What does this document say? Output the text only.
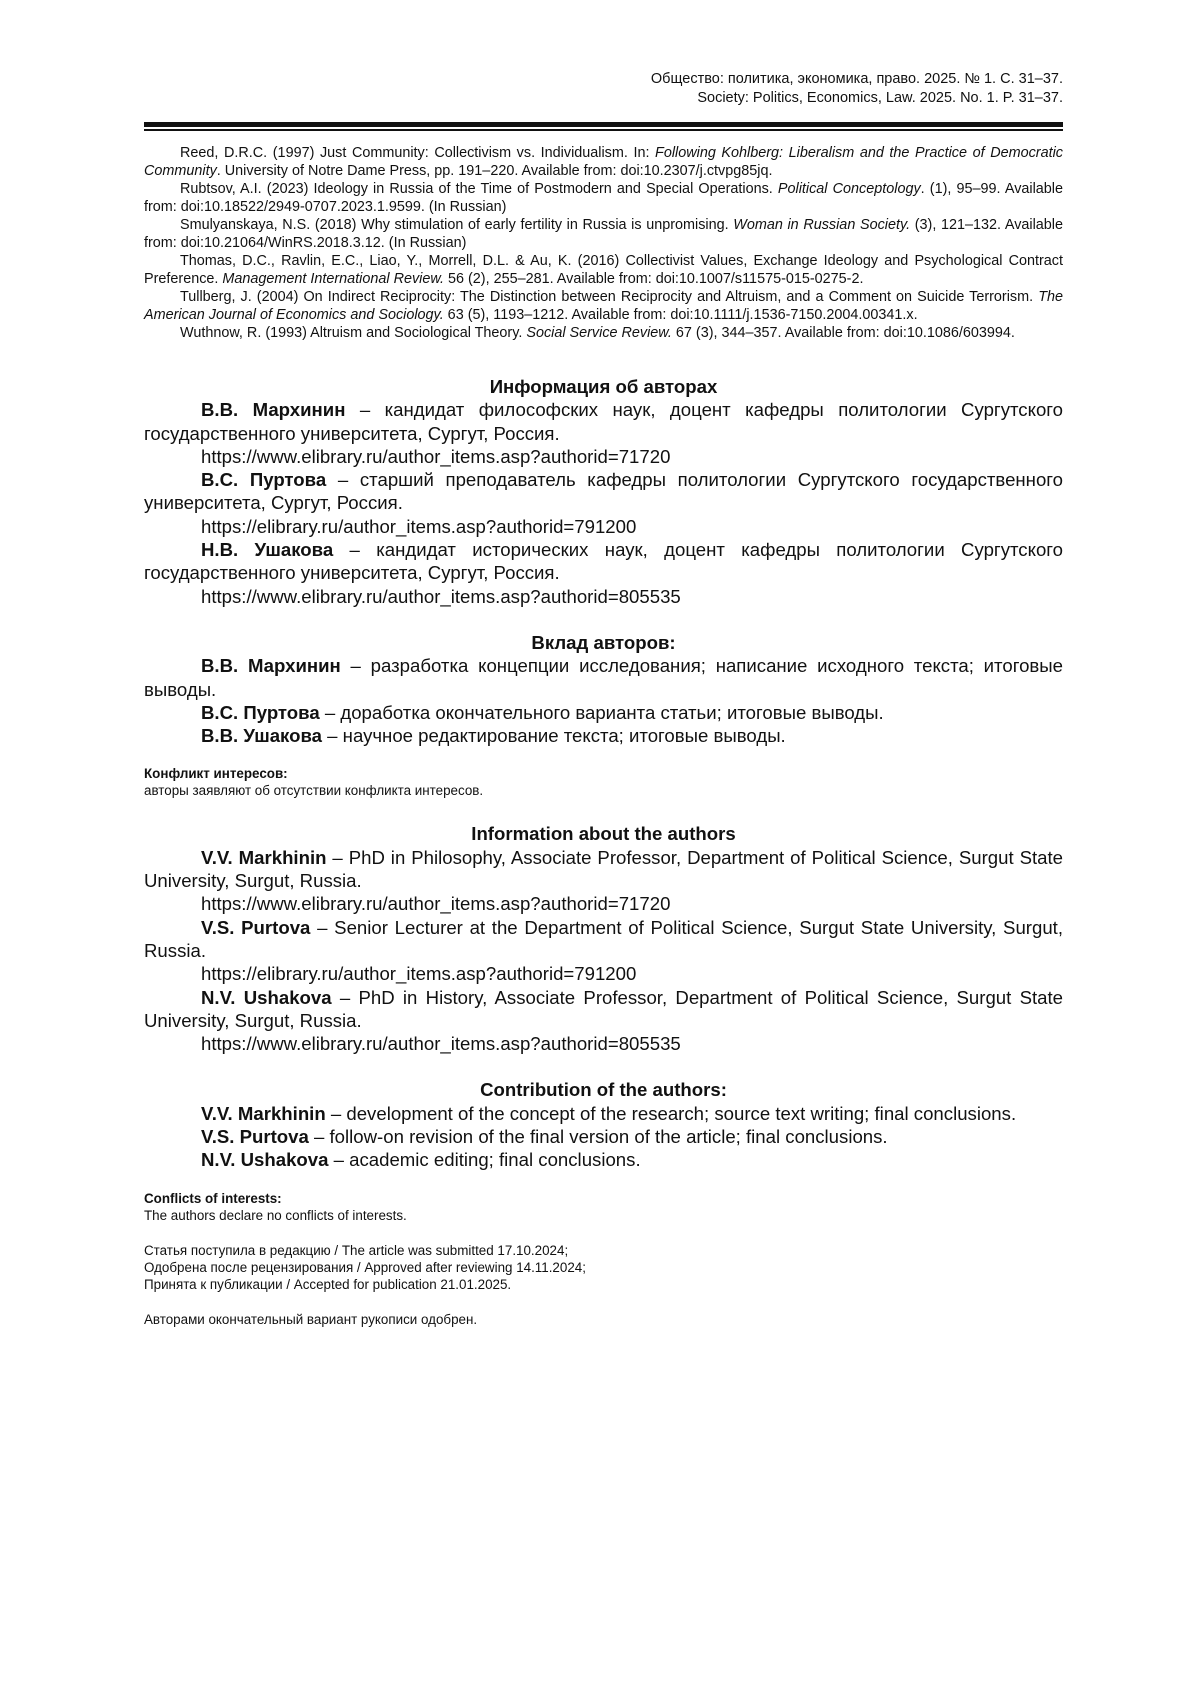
Общество: политика, экономика, право. 2025. № 1. С. 31–37.
Society: Politics, Economics, Law. 2025. No. 1. P. 31–37.

Reed, D.R.C. (1997) Just Community: Collectivism vs. Individualism. In: Following Kohlberg: Liberalism and the Practice of Democratic Community. University of Notre Dame Press, pp. 191–220. Available from: doi:10.2307/j.ctvpg85jq.

Rubtsov, A.I. (2023) Ideology in Russia of the Time of Postmodern and Special Operations. Political Conceptology. (1), 95–99. Available from: doi:10.18522/2949-0707.2023.1.9599. (In Russian)

Smulyanskaya, N.S. (2018) Why stimulation of early fertility in Russia is unpromising. Woman in Russian Society. (3), 121–132. Available from: doi:10.21064/WinRS.2018.3.12. (In Russian)

Thomas, D.C., Ravlin, E.C., Liao, Y., Morrell, D.L. & Au, K. (2016) Collectivist Values, Exchange Ideology and Psychological Contract Preference. Management International Review. 56 (2), 255–281. Available from: doi:10.1007/s11575-015-0275-2.

Tullberg, J. (2004) On Indirect Reciprocity: The Distinction between Reciprocity and Altruism, and a Comment on Suicide Terrorism. The American Journal of Economics and Sociology. 63 (5), 1193–1212. Available from: doi:10.1111/j.1536-7150.2004.00341.x.

Wuthnow, R. (1993) Altruism and Sociological Theory. Social Service Review. 67 (3), 344–357. Available from: doi:10.1086/603994.

Информация об авторах

В.В. Мархинин – кандидат философских наук, доцент кафедры политологии Сургутского государственного университета, Сургут, Россия.

https://www.elibrary.ru/author_items.asp?authorid=71720

В.С. Пуртова – старший преподаватель кафедры политологии Сургутского государственного университета, Сургут, Россия.

https://elibrary.ru/author_items.asp?authorid=791200

Н.В. Ушакова – кандидат исторических наук, доцент кафедры политологии Сургутского государственного университета, Сургут, Россия.

https://www.elibrary.ru/author_items.asp?authorid=805535

Вклад авторов:

В.В. Мархинин – разработка концепции исследования; написание исходного текста; итоговые выводы.

В.С. Пуртова – доработка окончательного варианта статьи; итоговые выводы.

В.В. Ушакова – научное редактирование текста; итоговые выводы.

Конфликт интересов:

авторы заявляют об отсутствии конфликта интересов.

Information about the authors

V.V. Markhinin – PhD in Philosophy, Associate Professor, Department of Political Science, Surgut State University, Surgut, Russia.

https://www.elibrary.ru/author_items.asp?authorid=71720

V.S. Purtova – Senior Lecturer at the Department of Political Science, Surgut State University, Surgut, Russia.

https://elibrary.ru/author_items.asp?authorid=791200

N.V. Ushakova – PhD in History, Associate Professor, Department of Political Science, Surgut State University, Surgut, Russia.

https://www.elibrary.ru/author_items.asp?authorid=805535

Contribution of the authors:

V.V. Markhinin – development of the concept of the research; source text writing; final conclusions.

V.S. Purtova – follow-on revision of the final version of the article; final conclusions.

N.V. Ushakova – academic editing; final conclusions.

Conflicts of interests:

The authors declare no conflicts of interests.

Статья поступила в редакцию / The article was submitted 17.10.2024;

Одобрена после рецензирования / Approved after reviewing 14.11.2024;

Принята к публикации / Accepted for publication 21.01.2025.

Авторами окончательный вариант рукописи одобрен.
